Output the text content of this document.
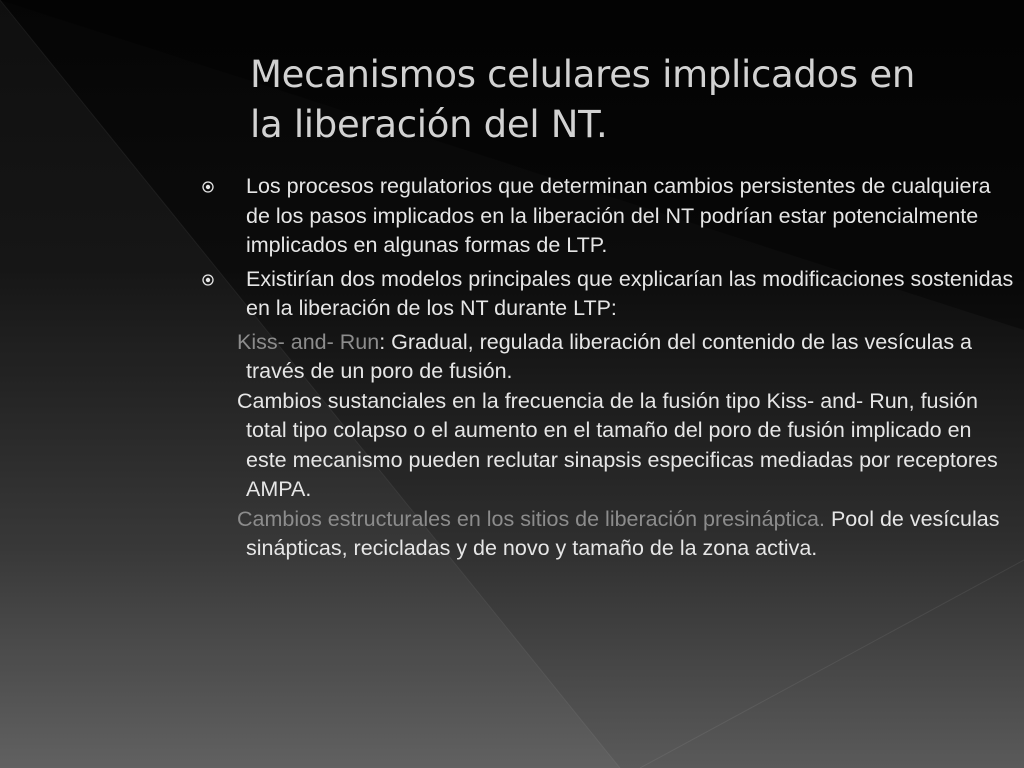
Mecanismos celulares implicados en
la liberación del NT.
Los procesos regulatorios que determinan cambios persistentes de cualquiera de los pasos implicados en la liberación del NT podrían estar potencialmente implicados en algunas formas de LTP.
Existirían dos modelos principales que explicarían las modificaciones sostenidas en la liberación de los NT durante LTP:
Kiss- and- Run: Gradual, regulada liberación del contenido de las vesículas a través de un poro de fusión.
Cambios sustanciales en la frecuencia de la fusión tipo Kiss- and- Run, fusión total tipo colapso o el aumento en el tamaño del poro de fusión implicado en este mecanismo pueden reclutar sinapsis especificas mediadas por receptores AMPA.
Cambios estructurales en los sitios de liberación presináptica. Pool de vesículas sinápticas, recicladas y de novo y tamaño de la zona activa.
